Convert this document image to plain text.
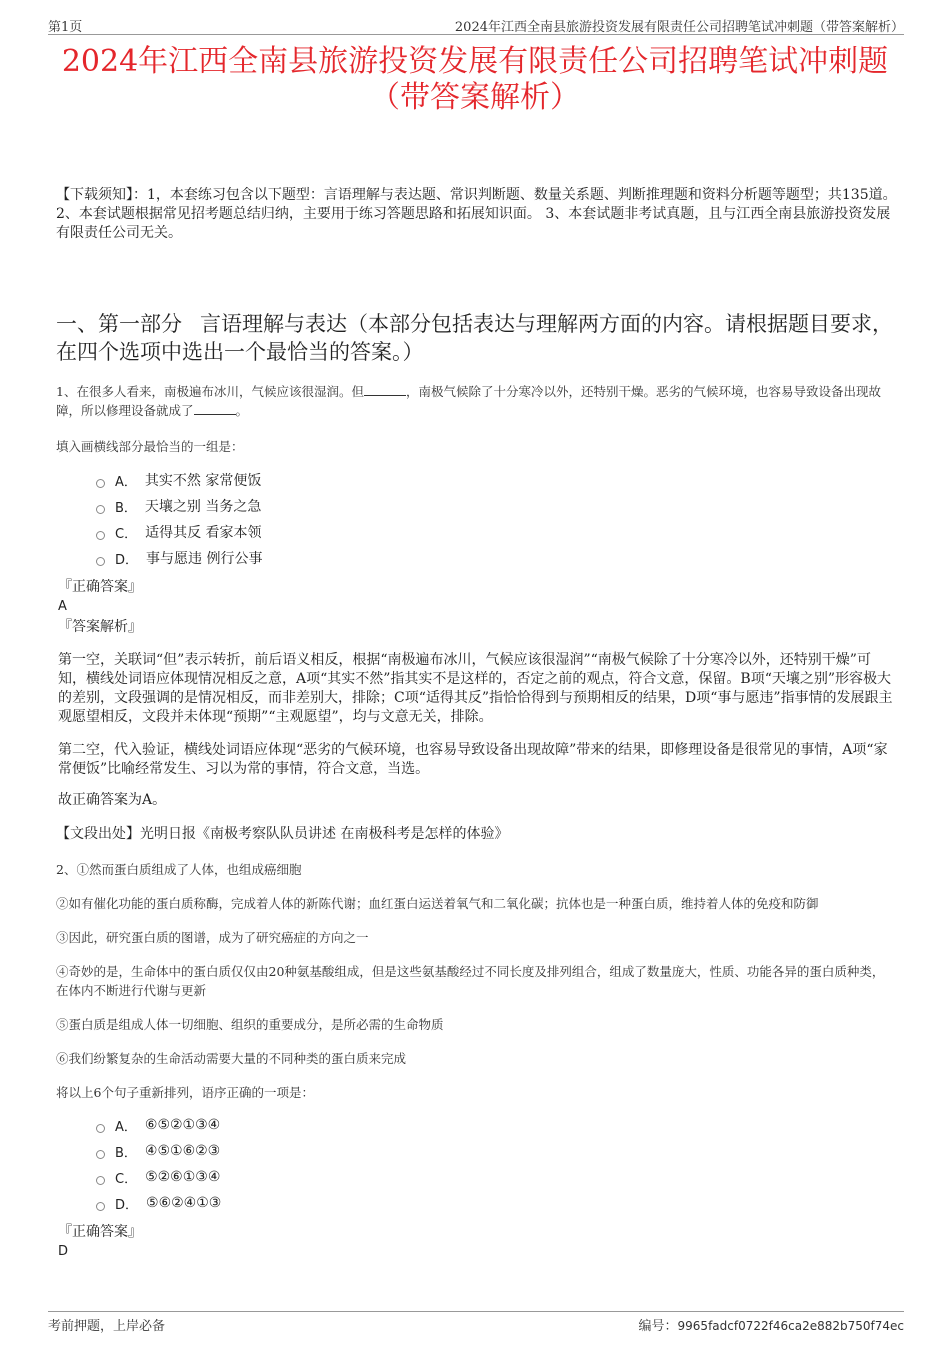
第1页	2024年江西全南县旅游投资发展有限责任公司招聘笔试冲刺题（带答案解析）
2024年江西全南县旅游投资发展有限责任公司招聘笔试冲刺题
（带答案解析）
【下载须知】：1，本套练习包含以下题型：言语理解与表达题、常识判断题、数量关系题、判断推理题和资料分析题等题型；共135道。 2、本套试题根据常见招考题总结归纳，主要用于练习答题思路和拓展知识面。 3、本套试题非考试真题，且与江西全南县旅游投资发展有限责任公司无关。
一、第一部分 言语理解与表达（本部分包括表达与理解两方面的内容。请根据题目要求，在四个选项中选出一个最恰当的答案。）
1、在很多人看来，南极遍布冰川，气候应该很湿润。但	，南极气候除了十分寒冷以外，还特别干燥。恶劣的气候环境，也容易导致设备出现故障，所以修理设备就成了	。
填入画横线部分最恰当的一组是：
A． 其实不然 家常便饭
B． 天壤之别 当务之急
C． 适得其反 看家本领
D． 事与愿违 例行公事
『正确答案』
A
『答案解析』
第一空，关联词“但”表示转折，前后语义相反，根据“南极遍布冰川，气候应该很湿润”“南极气候除了十分寒冷以外，还特别干燥”可知，横线处词语应体现情况相反之意，A项“其实不然”指其实不是这样的，否定之前的观点，符合文意，保留。B项“天壤之别”形容极大的差别，文段强调的是情况相反，而非差别大，排除；C项“适得其反”指恰恰得到与预期相反的结果，D项“事与愿违”指事情的发展跟主观愿望相反，文段并未体现“预期”“主观愿望”，均与文意无关，排除。
第二空，代入验证，横线处词语应体现“恶劣的气候环境，也容易导致设备出现故障”带来的结果，即修理设备是很常见的事情，A项“家常便饭”比喻经常发生、习以为常的事情，符合文意，当选。
故正确答案为A。
【文段出处】光明日报《南极考察队队员讲述 在南极科考是怎样的体验》
2、①然而蛋白质组成了人体，也组成癌细胞
②如有催化功能的蛋白质称酶，完成着人体的新陈代谢；血红蛋白运送着氧气和二氧化碳；抗体也是一种蛋白质，维持着人体的免疫和防御
③因此，研究蛋白质的图谱，成为了研究癌症的方向之一
④奇妙的是，生命体中的蛋白质仅仅由20种氨基酸组成，但是这些氨基酸经过不同长度及排列组合，组成了数量庞大，性质、功能各异的蛋白质种类，在体内不断进行代谢与更新
⑤蛋白质是组成人体一切细胞、组织的重要成分，是所必需的生命物质
⑥我们纷繁复杂的生命活动需要大量的不同种类的蛋白质来完成
将以上6个句子重新排列，语序正确的一项是：
A． ⑥⑤②①③④
B． ④⑤①⑥②③
C． ⑤②⑥①③④
D． ⑤⑥②④①③
『正确答案』
D
考前押题，上岸必备	编号：9965fadcf0722f46ca2e882b750f74ec
